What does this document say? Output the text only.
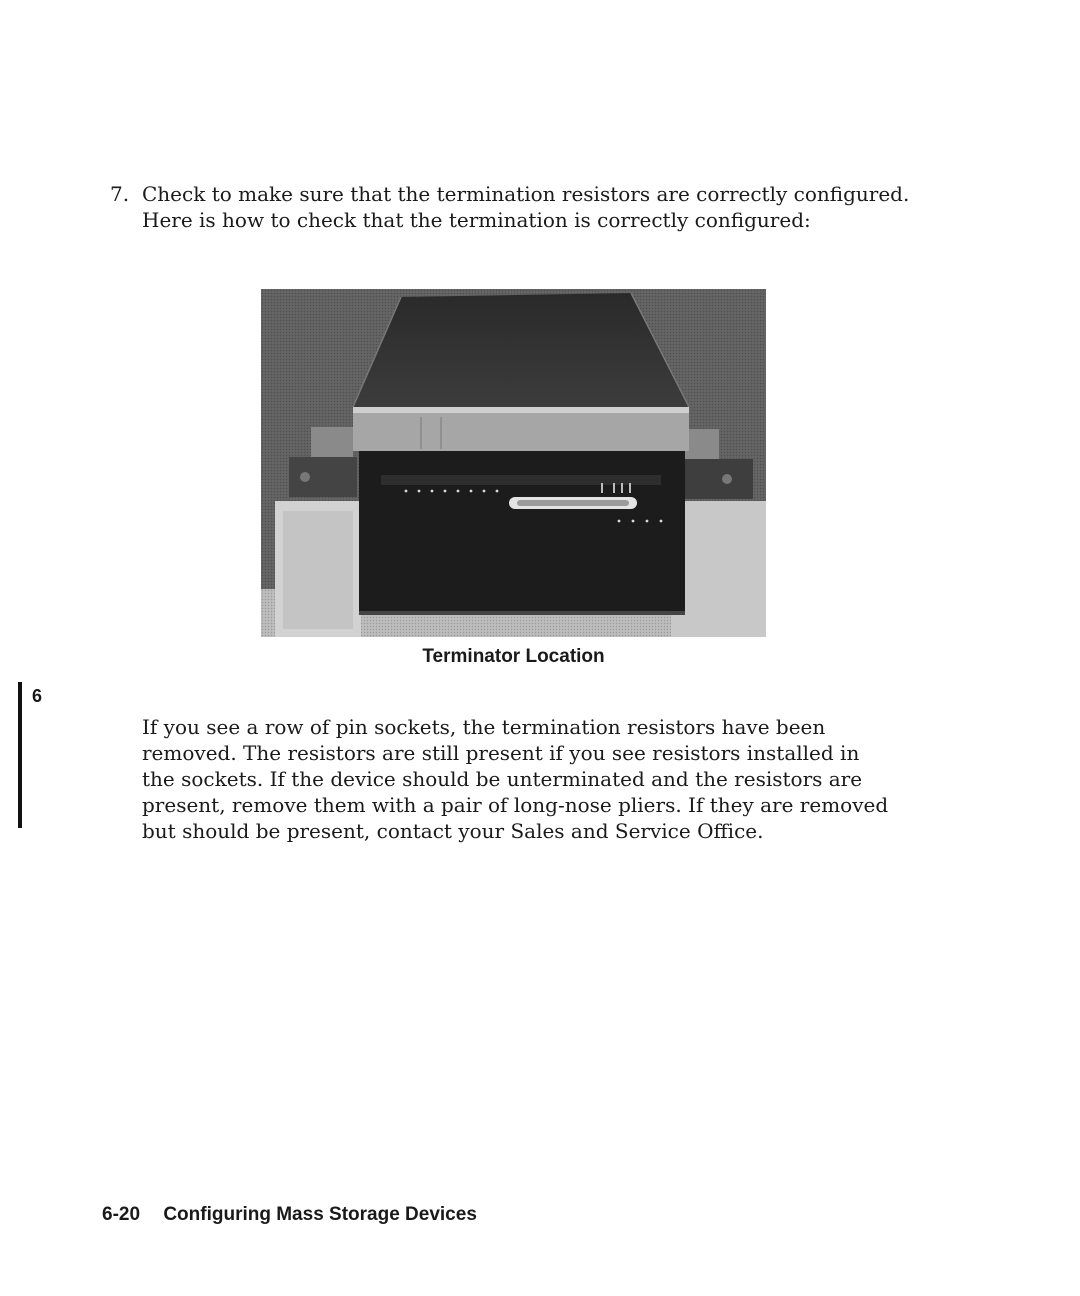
7. Check to make sure that the termination resistors are correctly configured.
Here is how to check that the termination is correctly configured:
Terminator Location
6
If you see a row of pin sockets, the termination resistors have been
removed. The resistors are still present if you see resistors installed in
the sockets. If the device should be unterminated and the resistors are
present, remove them with a pair of long-nose pliers. If they are removed
but should be present, contact your Sales and Service Office.
6-20 Configuring Mass Storage Devices
